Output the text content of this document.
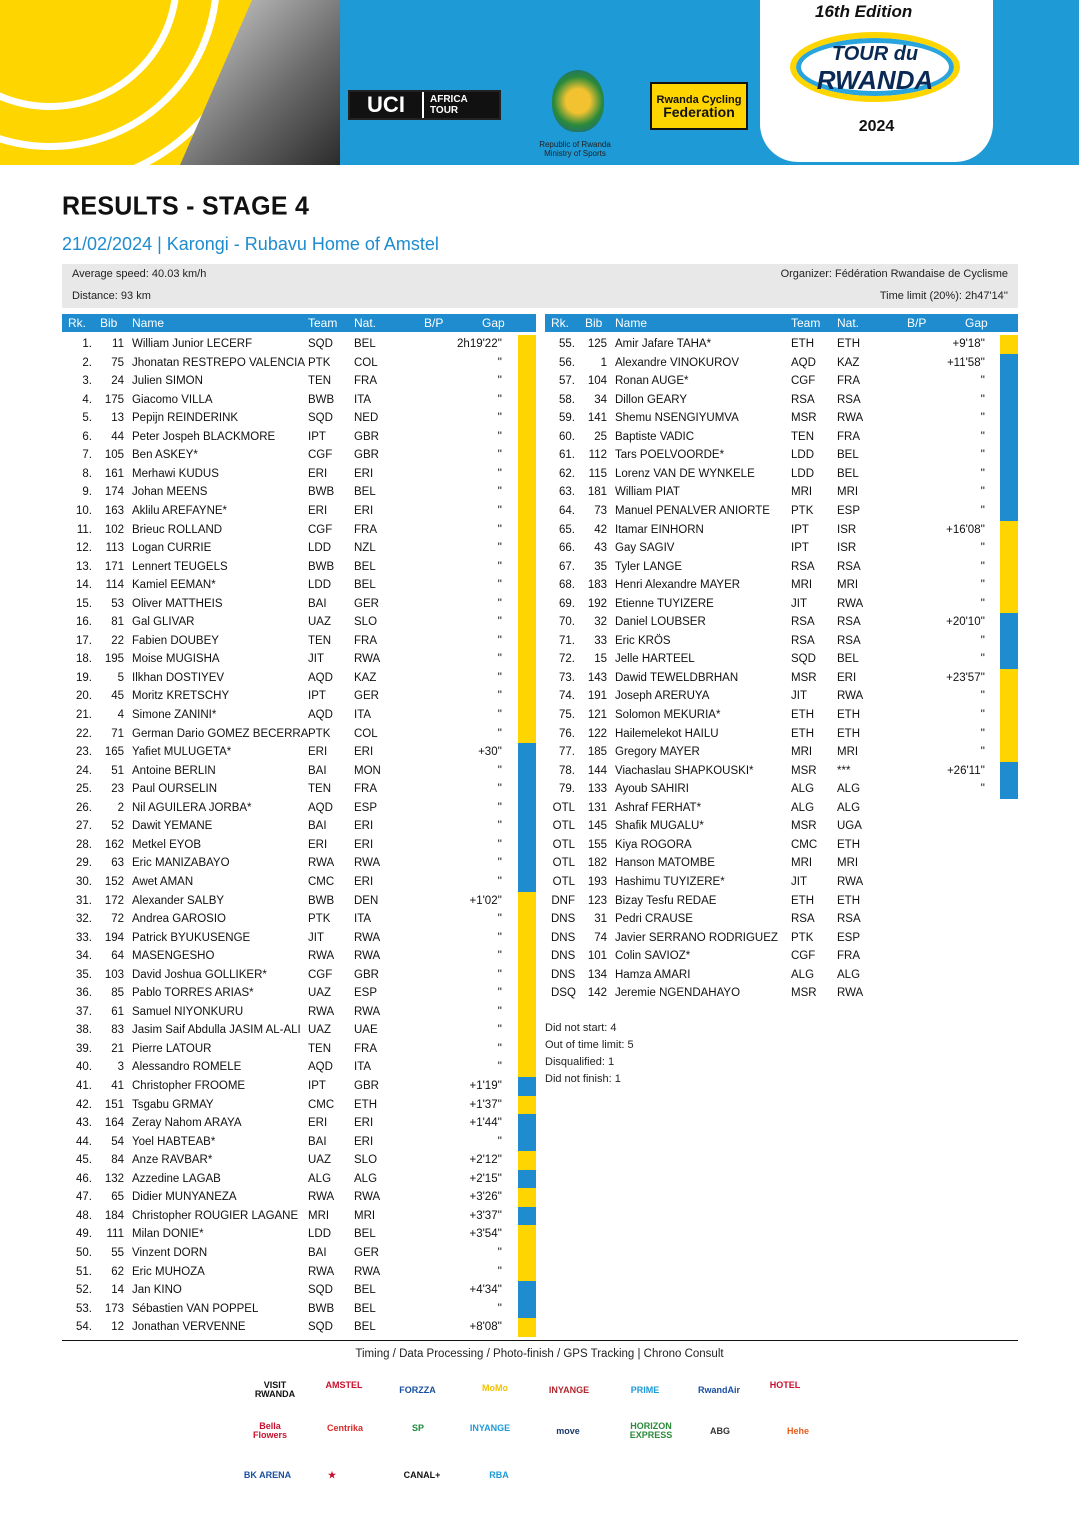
UCI	AFRICA
TOUR
Republic of Rwanda
Ministry of Sports
Rwanda Cycling
Federation
16th Edition
TOUR du
RWANDA
2024
RESULTS - STAGE 4
21/02/2024 | Karongi - Rubavu Home of Amstel
Average speed: 40.03 km/h
Distance: 93 km
Organizer: Fédération Rwandaise de Cyclisme
Time limit (20%): 2h47'14''
Rk. Bib Name	Team Nat.	B/P	Gap	Rk. Bib Name	Team Nat.	B/P	Gap
1.	11 William Junior LECERF	SQD BEL	2h19'22''
2.	75 Jhonatan RESTREPO VALENCIA PTK COL	''
3.	24 Julien SIMON	TEN FRA	''
4.	175 Giacomo VILLA	BWB ITA	''
5.	13 Pepijn REINDERINK	SQD NED	''
6.	44 Peter Jospeh BLACKMORE	IPT GBR	''
7.	105 Ben ASKEY*	CGF GBR	''
8.	161 Merhawi KUDUS	ERI ERI	''
9.	174 Johan MEENS	BWB BEL	''
10.	163 Aklilu AREFAYNE*	ERI ERI	''
11.	102 Brieuc ROLLAND	CGF FRA	''
12.	113 Logan CURRIE	LDD NZL	''
13.	171 Lennert TEUGELS	BWB BEL	''
14.	114 Kamiel EEMAN*	LDD BEL	''
15.	53 Oliver MATTHEIS	BAI GER	''
16.	81 Gal GLIVAR	UAZ SLO	''
17.	22 Fabien DOUBEY	TEN FRA	''
18.	195 Moise MUGISHA	JIT	RWA	''
19.	5 Ilkhan DOSTIYEV	AQD KAZ	''
20.	45 Moritz KRETSCHY	IPT GER	''
21.	4 Simone ZANINI*	AQD ITA	''
22.	71 German Dario GOMEZ BECERRA PTK COL	''
23.	165 Yafiet MULUGETA*	ERI ERI	+30''
24.	51 Antoine BERLIN	BAI MON	''
25.	23 Paul OURSELIN	TEN FRA	''
26.	2 Nil AGUILERA JORBA*	AQD ESP	''
27.	52 Dawit YEMANE	BAI ERI	''
28.	162 Metkel EYOB	ERI ERI	''
29.	63 Eric MANIZABAYO	RWA RWA	''
30.	152 Awet AMAN	CMC ERI	''
31.	172 Alexander SALBY	BWB DEN	+1'02''
32.	72 Andrea GAROSIO	PTK ITA	''
33.	194 Patrick BYUKUSENGE	JIT	RWA	''
34.	64 MASENGESHO	RWA RWA	''
35.	103 David Joshua GOLLIKER*	CGF GBR	''
36.	85 Pablo TORRES ARIAS*	UAZ ESP	''
37.	61 Samuel NIYONKURU	RWA RWA	''
38.	83 Jasim Saif Abdulla JASIM AL-ALI UAZ UAE	''
39.	21 Pierre LATOUR	TEN FRA	''
40.	3 Alessandro ROMELE	AQD ITA	''
41.	41 Christopher FROOME	IPT GBR	+1'19''
42.	151 Tsgabu GRMAY	CMC ETH	+1'37''
43.	164 Zeray Nahom ARAYA	ERI ERI	+1'44''
44.	54 Yoel HABTEAB*	BAI ERI	''
45.	84 Anze RAVBAR*	UAZ SLO	+2'12''
46.	132 Azzedine LAGAB	ALG ALG	+2'15''
47.	65 Didier MUNYANEZA	RWA RWA	+3'26''
48.	184 Christopher ROUGIER LAGANE MRI MRI	+3'37''
49.	111 Milan DONIE*	LDD BEL	+3'54''
50.	55 Vinzent DORN	BAI GER	''
51.	62 Eric MUHOZA	RWA RWA	''
52.	14 Jan KINO	SQD BEL	+4'34''
53.	173 Sébastien VAN POPPEL	BWB BEL	''
54.	12 Jonathan VERVENNE	SQD BEL	+8'08''
55.	125 Amir Jafare TAHA*	ETH ETH	+9'18''
56.	1 Alexandre VINOKUROV	AQD KAZ	+11'58''
57.	104 Ronan AUGE*	CGF FRA	''
58.	34 Dillon GEARY	RSA RSA	''
59.	141 Shemu NSENGIYUMVA	MSR RWA	''
60.	25 Baptiste VADIC	TEN FRA	''
61.	112 Tars POELVOORDE*	LDD BEL	''
62.	115 Lorenz VAN DE WYNKELE	LDD BEL	''
63.	181 William PIAT	MRI MRI	''
64.	73 Manuel PENALVER ANIORTE PTK ESP	''
65.	42 Itamar EINHORN	IPT ISR	+16'08''
66.	43 Gay SAGIV	IPT ISR	''
67.	35 Tyler LANGE	RSA RSA	''
68.	183 Henri Alexandre MAYER	MRI MRI	''
69.	192 Etienne TUYIZERE	JIT	RWA	''
70.	32 Daniel LOUBSER	RSA RSA	+20'10''
71.	33 Eric KRÖS	RSA RSA	''
72.	15 Jelle HARTEEL	SQD BEL	''
73.	143 Dawid TEWELDBRHAN	MSR ERI	+23'57''
74.	191 Joseph ARERUYA	JIT	RWA	''
75.	121 Solomon MEKURIA*	ETH ETH	''
76.	122 Hailemelekot HAILU	ETH ETH	''
77.	185 Gregory MAYER	MRI MRI	''
78.	144 Viachaslau SHAPKOUSKI*	MSR ***	+26'11''
79.	133 Ayoub SAHIRI	ALG ALG	''
OTL	131 Ashraf FERHAT*	ALG ALG
OTL	145 Shafik MUGALU*	MSR UGA
OTL	155 Kiya ROGORA	CMC ETH
OTL	182 Hanson MATOMBE	MRI MRI
OTL	193 Hashimu TUYIZERE*	JIT	RWA
DNF	123 Bizay Tesfu REDAE	ETH ETH
DNS	31 Pedri CRAUSE	RSA RSA
DNS	74 Javier SERRANO RODRIGUEZ PTK ESP
DNS	101 Colin SAVIOZ*	CGF FRA
DNS	134 Hamza AMARI	ALG ALG
DSQ	142 Jeremie NGENDAHAYO	MSR RWA
Did not start: 4
Out of time limit: 5
Disqualified: 1
Did not finish: 1
Timing / Data Processing / Photo-finish / GPS Tracking | Chrono Consult
VISIT RWANDA
AMSTEL	FORZZA	MoMo	INYANGE	PRIME	RwandAir	HOTEL
Bella Flowers
Centrika	SP	INYANGE	move	HORIZON EXPRESS	ABG	Hehe
BK ARENA	★	CANAL+	RBA
